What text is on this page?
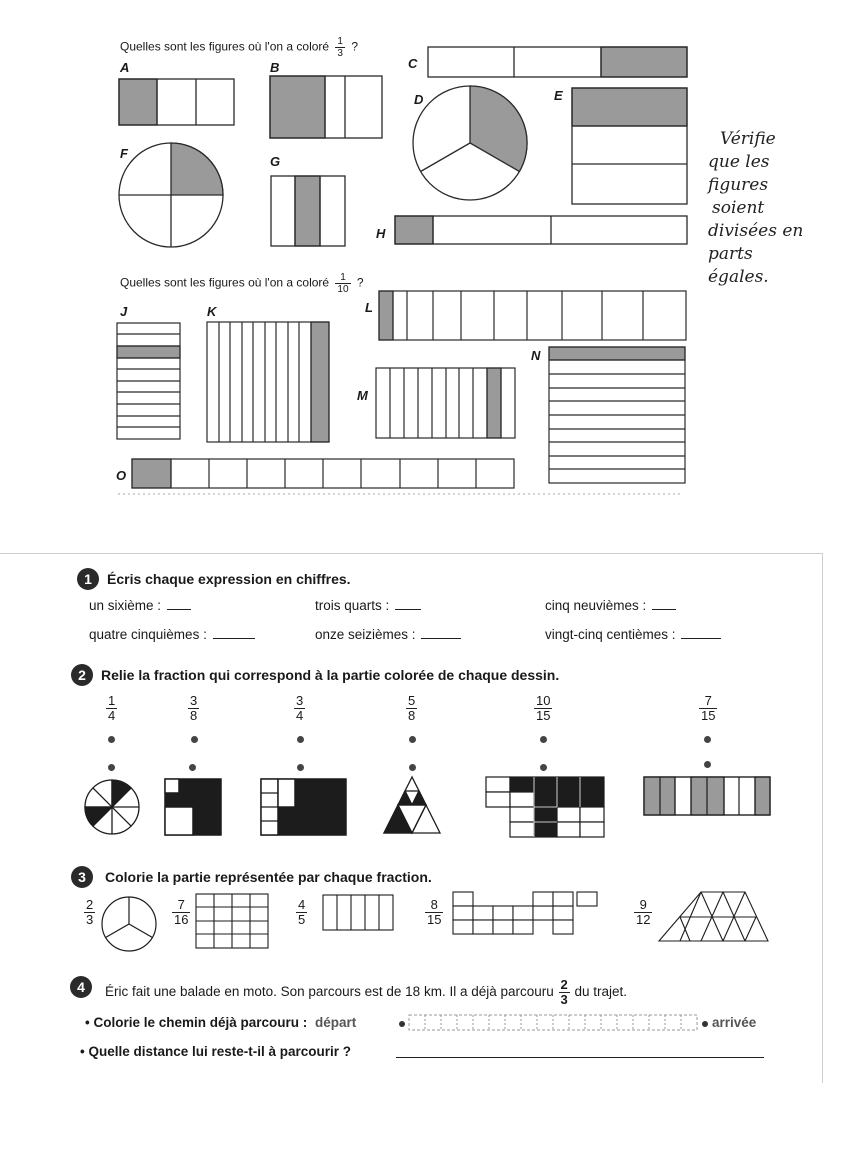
Quelles sont les figures où l'on a coloré $\frac{1}{3}$ ?
A	B	C
D	E
F
G
H
Vérifie
que les
figures
soient
divisées en
parts égales.
Quelles sont les figures où l'on a coloré $\frac{1}{10}$ ?
J	K	L
M
N
O
1	Écris chaque expression en chiffres.
un sixième :	trois quarts :	cinq neuvièmes :
quatre cinquièmes :	onze seizièmes :	vingt-cinq centièmes :
2	Relie la fraction qui correspond à la partie colorée de chaque dessin.
$\frac{1}{4}$	$\frac{3}{8}$	$\frac{3}{4}$	$\frac{5}{8}$	$\frac{10}{15}$	$\frac{7}{15}$
3	Colorie la partie représentée par chaque fraction.
$\frac{2}{3}$	$\frac{7}{16}$	$\frac{4}{5}$	$\frac{8}{15}$	$\frac{9}{12}$
4	Éric fait une balade en moto. Son parcours est de 18 km. Il a déjà parcouru $\frac{2}{3}$ du trajet.
• Colorie le chemin déjà parcouru : départ	arrivée
• Quelle distance lui reste-t-il à parcourir ?
